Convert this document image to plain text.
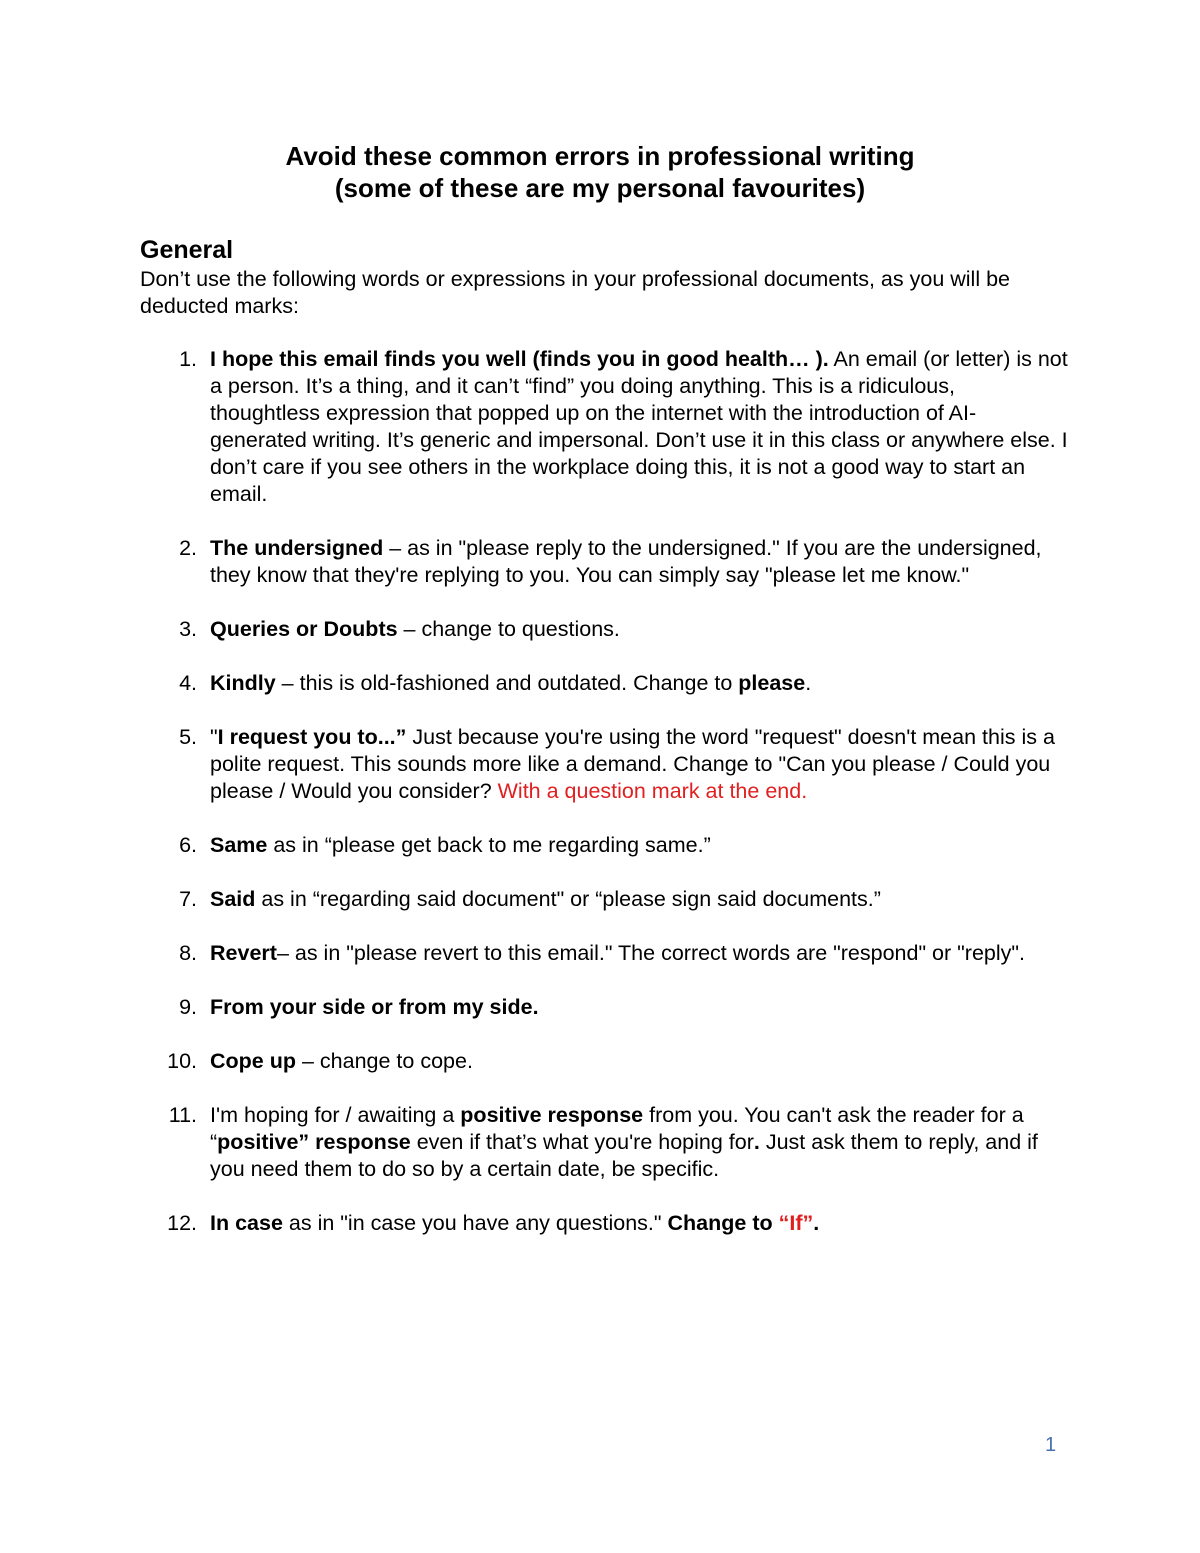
Avoid these common errors in professional writing
(some of these are my personal favourites)
General
Don’t use the following words or expressions in your professional documents, as you will be deducted marks:
1. I hope this email finds you well (finds you in good health… ). An email (or letter) is not a person. It’s a thing, and it can’t “find” you doing anything. This is a ridiculous, thoughtless expression that popped up on the internet with the introduction of AI-generated writing. It’s generic and impersonal. Don’t use it in this class or anywhere else. I don’t care if you see others in the workplace doing this, it is not a good way to start an email.
2. The undersigned – as in "please reply to the undersigned." If you are the undersigned, they know that they're replying to you. You can simply say "please let me know."
3. Queries or Doubts – change to questions.
4. Kindly – this is old-fashioned and outdated. Change to please.
5. "I request you to...” Just because you're using the word "request" doesn't mean this is a polite request. This sounds more like a demand. Change to "Can you please / Could you please / Would you consider? With a question mark at the end.
6. Same as in “please get back to me regarding same.”
7. Said as in “regarding said document" or “please sign said documents.”
8. Revert– as in "please revert to this email." The correct words are "respond" or "reply".
9. From your side or from my side.
10. Cope up – change to cope.
11. I'm hoping for / awaiting a positive response from you. You can't ask the reader for a “positive” response even if that’s what you're hoping for. Just ask them to reply, and if you need them to do so by a certain date, be specific.
12. In case as in "in case you have any questions." Change to “If”.
1
